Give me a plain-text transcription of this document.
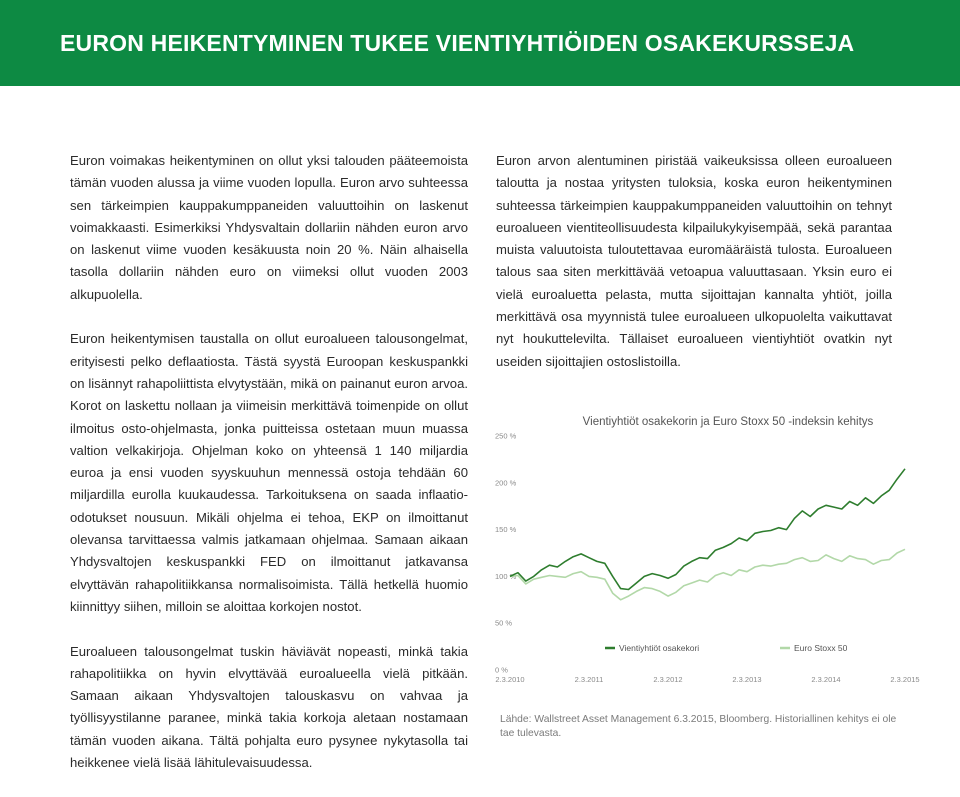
EURON HEIKENTYMINEN TUKEE VIENTIYHTIÖIDEN OSAKEKURSSEJA

Euron voimakas heikentyminen on ollut yksi talouden pääteemoista tämän vuoden alussa ja viime vuoden lopulla. Euron arvo suhteessa sen tärkeimpien kauppakumppaneiden valuuttoihin on laskenut voimakkaasti. Esimerkiksi Yhdysvaltain dollariin nähden euron arvo on laskenut viime vuoden kesäkuusta noin 20 %. Näin alhaisella tasolla dollariin nähden euro on viimeksi ollut vuoden 2003 alkupuolella.

Euron heikentymisen taustalla on ollut euroalueen talousongelmat, erityisesti pelko deflaatiosta. Tästä syystä Euroopan keskuspankki on lisännyt rahapoliittista elvytystään, mikä on painanut euron arvoa. Korot on laskettu nollaan ja viimeisin merkittävä toimenpide on ollut ilmoitus osto-ohjelmasta, jonka puitteissa ostetaan muun muassa valtion velkakirjoja. Ohjelman koko on yhteensä 1 140 miljardia euroa ja ensi vuoden syyskuuhun mennessä ostoja tehdään 60 miljardilla eurolla kuukaudessa. Tarkoituksena on saada inflaatio-odotukset nousuun. Mikäli ohjelma ei tehoa, EKP on ilmoittanut olevansa tarvittaessa valmis jatkamaan ohjelmaa. Samaan aikaan Yhdysvaltojen keskuspankki FED on ilmoittanut jatkavansa elvyttävän rahapolitiikkansa normalisoimista. Tällä hetkellä huomio kiinnittyy siihen, milloin se aloittaa korkojen nostot.

Euroalueen talousongelmat tuskin häviävät nopeasti, minkä takia rahapolitiikka on hyvin elvyttävää euroalueella vielä pitkään. Samaan aikaan Yhdysvaltojen talouskasvu on vahvaa ja työllisyystilanne paranee, minkä takia korkoja aletaan nostamaan tämän vuoden aikana. Tältä pohjalta euro pysynee nykytasolla tai heikkenee vielä lisää lähitulevaisuudessa.

Euron arvon alentuminen piristää vaikeuksissa olleen euroalueen taloutta ja nostaa yritysten tuloksia, koska euron heikentyminen suhteessa tärkeimpien kauppakumppaneiden valuuttoihin on tehnyt euroalueen vientiteollisuudesta kilpailukykyisempää, sekä parantaa muista valuutoista tuloutettavaa euromääräistä tulosta. Euroalueen talous saa siten merkittävää vetoapua valuuttasaan. Yksin euro ei vielä euroaluetta pelasta, mutta sijoittajan kannalta yhtiöt, joilla merkittävä osa myynnistä tulee euroalueen ulkopuolelta vaikuttavat nyt houkuttelevilta. Tällaiset euroalueen vientiyhtiöt ovatkin nyt useiden sijoittajien ostoslistoilla.

Vientiyhtiöt osakekorin ja Euro Stoxx 50 -indeksin kehitys
0 %
50 %
100 %
150 %
200 %
250 %
2.3.2010	2.3.2011	2.3.2012	2.3.2013	2.3.2014	2.3.2015
Vientiyhtiöt osakekori	Euro Stoxx 50
Lähde: Wallstreet Asset Management 6.3.2015, Bloomberg. Historiallinen kehitys ei ole tae tulevasta.
